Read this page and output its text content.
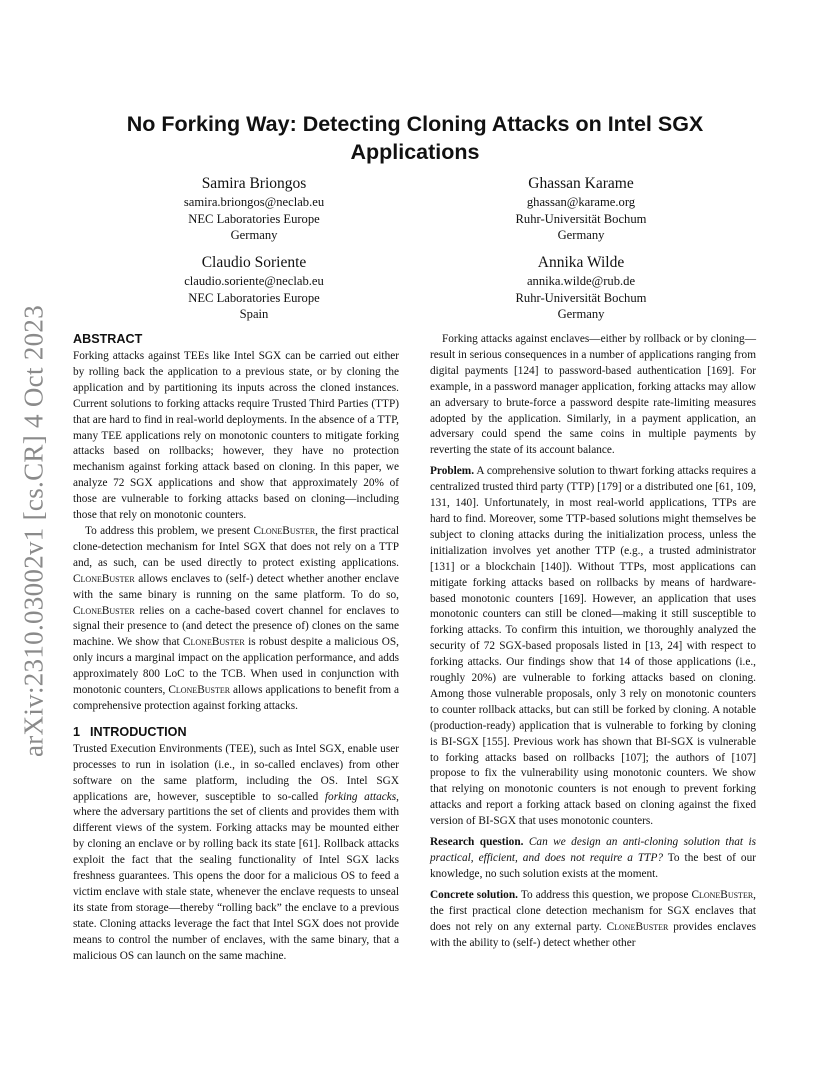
arXiv:2310.03002v1 [cs.CR] 4 Oct 2023
No Forking Way: Detecting Cloning Attacks on Intel SGX
Applications
Samira Briongos
samira.briongos@neclab.eu
NEC Laboratories Europe
Germany
Ghassan Karame
ghassan@karame.org
Ruhr-Universität Bochum
Germany
Claudio Soriente
claudio.soriente@neclab.eu
NEC Laboratories Europe
Spain
Annika Wilde
annika.wilde@rub.de
Ruhr-Universität Bochum
Germany
ABSTRACT

Forking attacks against TEEs like Intel SGX can be carried out either by rolling back the application to a previous state, or by cloning the application and by partitioning its inputs across the cloned instances. Current solutions to forking attacks require Trusted Third Parties (TTP) that are hard to find in real-world deployments. In the absence of a TTP, many TEE applications rely on monotonic counters to mitigate forking attacks based on rollbacks; however, they have no protection mechanism against forking attack based on cloning. In this paper, we analyze 72 SGX applications and show that approximately 20% of those are vulnerable to forking attacks based on cloning—including those that rely on monotonic counters.

To address this problem, we present CloneBuster, the first practical clone-detection mechanism for Intel SGX that does not rely on a TTP and, as such, can be used directly to protect existing applications. CloneBuster allows enclaves to (self-) detect whether another enclave with the same binary is running on the same platform. To do so, CloneBuster relies on a cache-based covert channel for enclaves to signal their presence to (and detect the presence of) clones on the same machine. We show that CloneBuster is robust despite a malicious OS, only incurs a marginal impact on the application performance, and adds approximately 800 LoC to the TCB. When used in conjunction with monotonic counters, CloneBuster allows applications to benefit from a comprehensive protection against forking attacks.

1 INTRODUCTION

Trusted Execution Environments (TEE), such as Intel SGX, enable user processes to run in isolation (i.e., in so-called enclaves) from other software on the same platform, including the OS. Intel SGX applications are, however, susceptible to so-called forking attacks, where the adversary partitions the set of clients and provides them with different views of the system. Forking attacks may be mounted either by cloning an enclave or by rolling back its state [61]. Rollback attacks exploit the fact that the sealing functionality of Intel SGX lacks freshness guarantees. This opens the door for a malicious OS to feed a victim enclave with stale state, whenever the enclave requests to unseal its state from storage—thereby “rolling back” the enclave to a previous state. Cloning attacks leverage the fact that Intel SGX does not provide means to control the number of enclaves, with the same binary, that a malicious OS can launch on the same machine.

Forking attacks against enclaves—either by rollback or by cloning—result in serious consequences in a number of applications ranging from digital payments [124] to password-based authentication [169]. For example, in a password manager application, forking attacks may allow an adversary to brute-force a password despite rate-limiting measures adopted by the application. Similarly, in a payment application, an adversary could spend the same coins in multiple payments by reverting the state of its account balance.

Problem. A comprehensive solution to thwart forking attacks requires a centralized trusted third party (TTP) [179] or a distributed one [61, 109, 131, 140]. Unfortunately, in most real-world applications, TTPs are hard to find. Moreover, some TTP-based solutions might themselves be subject to cloning attacks during the initialization process, unless the initialization involves yet another TTP (e.g., a trusted administrator [131] or a blockchain [140]). Without TTPs, most applications can mitigate forking attacks based on rollbacks by means of hardware-based monotonic counters [169]. However, an application that uses monotonic counters can still be cloned—making it still susceptible to forking attacks. To confirm this intuition, we thoroughly analyzed the security of 72 SGX-based proposals listed in [13, 24] with respect to forking attacks. Our findings show that 14 of those applications (i.e., roughly 20%) are vulnerable to forking attacks based on cloning. Among those vulnerable proposals, only 3 rely on monotonic counters to counter rollback attacks, but can still be forked by cloning. A notable (production-ready) application that is vulnerable to forking by cloning is BI-SGX [155]. Previous work has shown that BI-SGX is vulnerable to forking attacks based on rollbacks [107]; the authors of [107] propose to fix the vulnerability using monotonic counters. We show that relying on monotonic counters is not enough to prevent forking attacks and report a forking attack based on cloning against the fixed version of BI-SGX that uses monotonic counters.

Research question. Can we design an anti-cloning solution that is practical, efficient, and does not require a TTP? To the best of our knowledge, no such solution exists at the moment.

Concrete solution. To address this question, we propose CloneBuster, the first practical clone detection mechanism for SGX enclaves that does not rely on any external party. CloneBuster provides enclaves with the ability to (self-) detect whether other
